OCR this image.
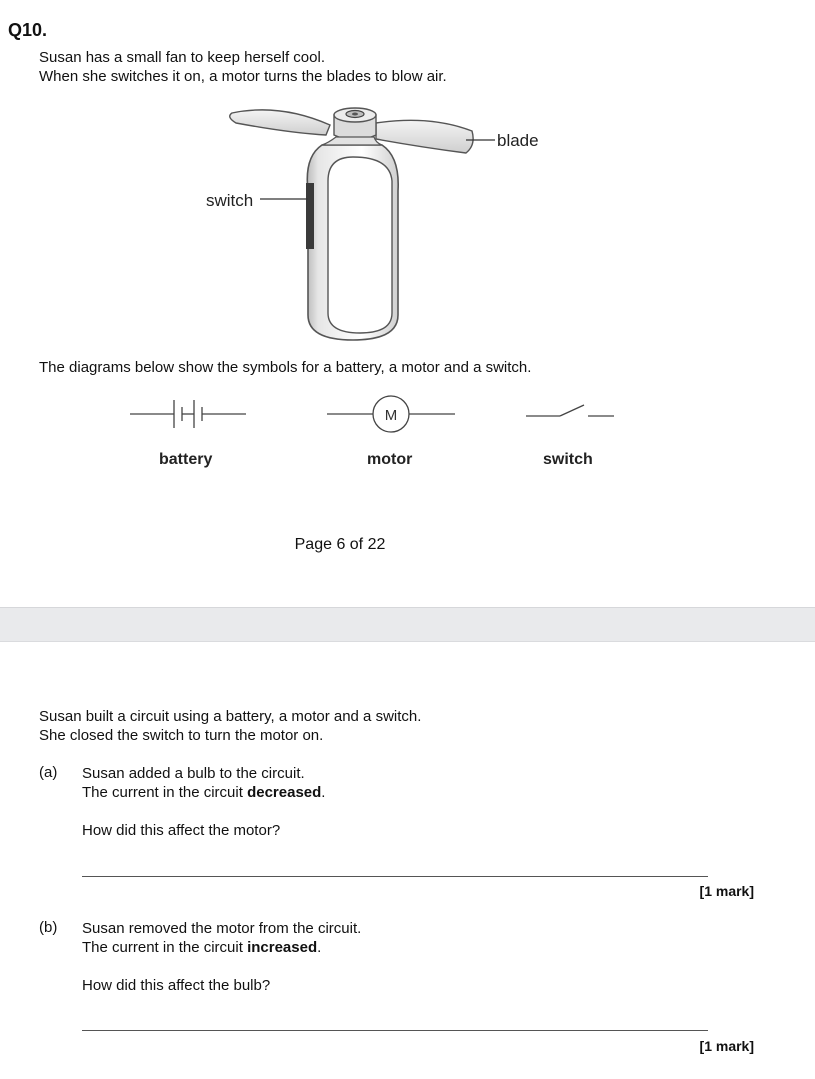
Q10.
Susan has a small fan to keep herself cool.
When she switches it on, a motor turns the blades to blow air.
switch
blade
The diagrams below show the symbols for a battery, a motor and a switch.
battery
M
motor	switch
Page 6 of 22
Susan built a circuit using a battery, a motor and a switch.
She closed the switch to turn the motor on.
(a) Susan added a bulb to the circuit.
The current in the circuit decreased.
How did this affect the motor?
[1 mark]
(b) Susan removed the motor from the circuit.
The current in the circuit increased.
How did this affect the bulb?
[1 mark]
